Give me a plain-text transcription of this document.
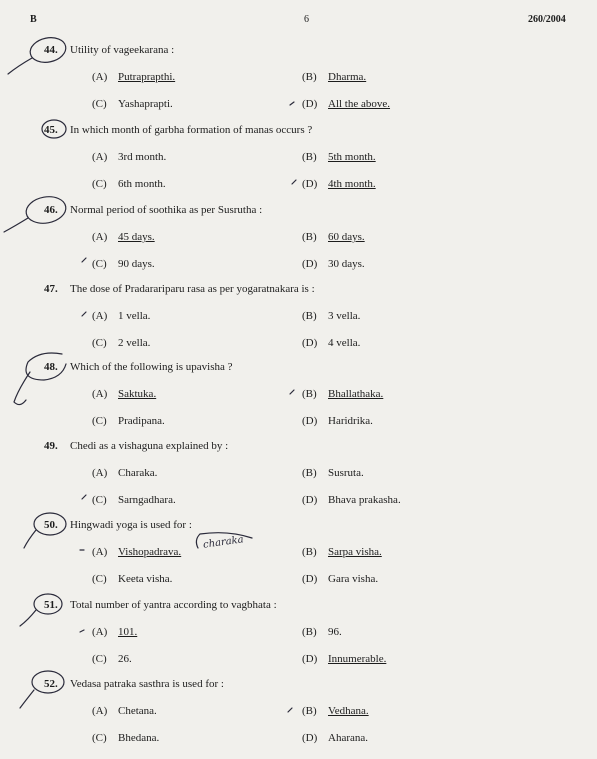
B	6	260/2004
44. Utility of vageekarana :
(A) Putraprapthi.	(B) Dharma.
(C) Yashaprapti.	(D) All the above.
45. In which month of garbha formation of manas occurs ?
(A) 3rd month.	(B) 5th month.
(C) 6th month.	(D) 4th month.
46. Normal period of soothika as per Susrutha :
(A) 45 days.	(B) 60 days.
(C) 90 days.	(D) 30 days.
47. The dose of Pradarariparu rasa as per yogaratnakara is :
(A) 1 vella.	(B) 3 vella.
(C) 2 vella.	(D) 4 vella.
48. Which of the following is upavisha ?
(A) Saktuka.	(B) Bhallathaka.
(C) Pradipana.	(D) Haridrika.
49. Chedi as a vishaguna explained by :
(A) Charaka.	(B) Susruta.
(C) Sarngadhara.	(D) Bhava prakasha.
50. Hingwadi yoga is used for :
(A) Vishopadrava.	(B) Sarpa visha.
(C) Keeta visha.	(D) Gara visha.
51. Total number of yantra according to vagbhata :
(A) 101.	(B) 96.
(C) 26.	(D) Innumerable.
52. Vedasa patraka sasthra is used for :
(A) Chetana.	(B) Vedhana.
(C) Bhedana.	(D) Aharana.
charaka
